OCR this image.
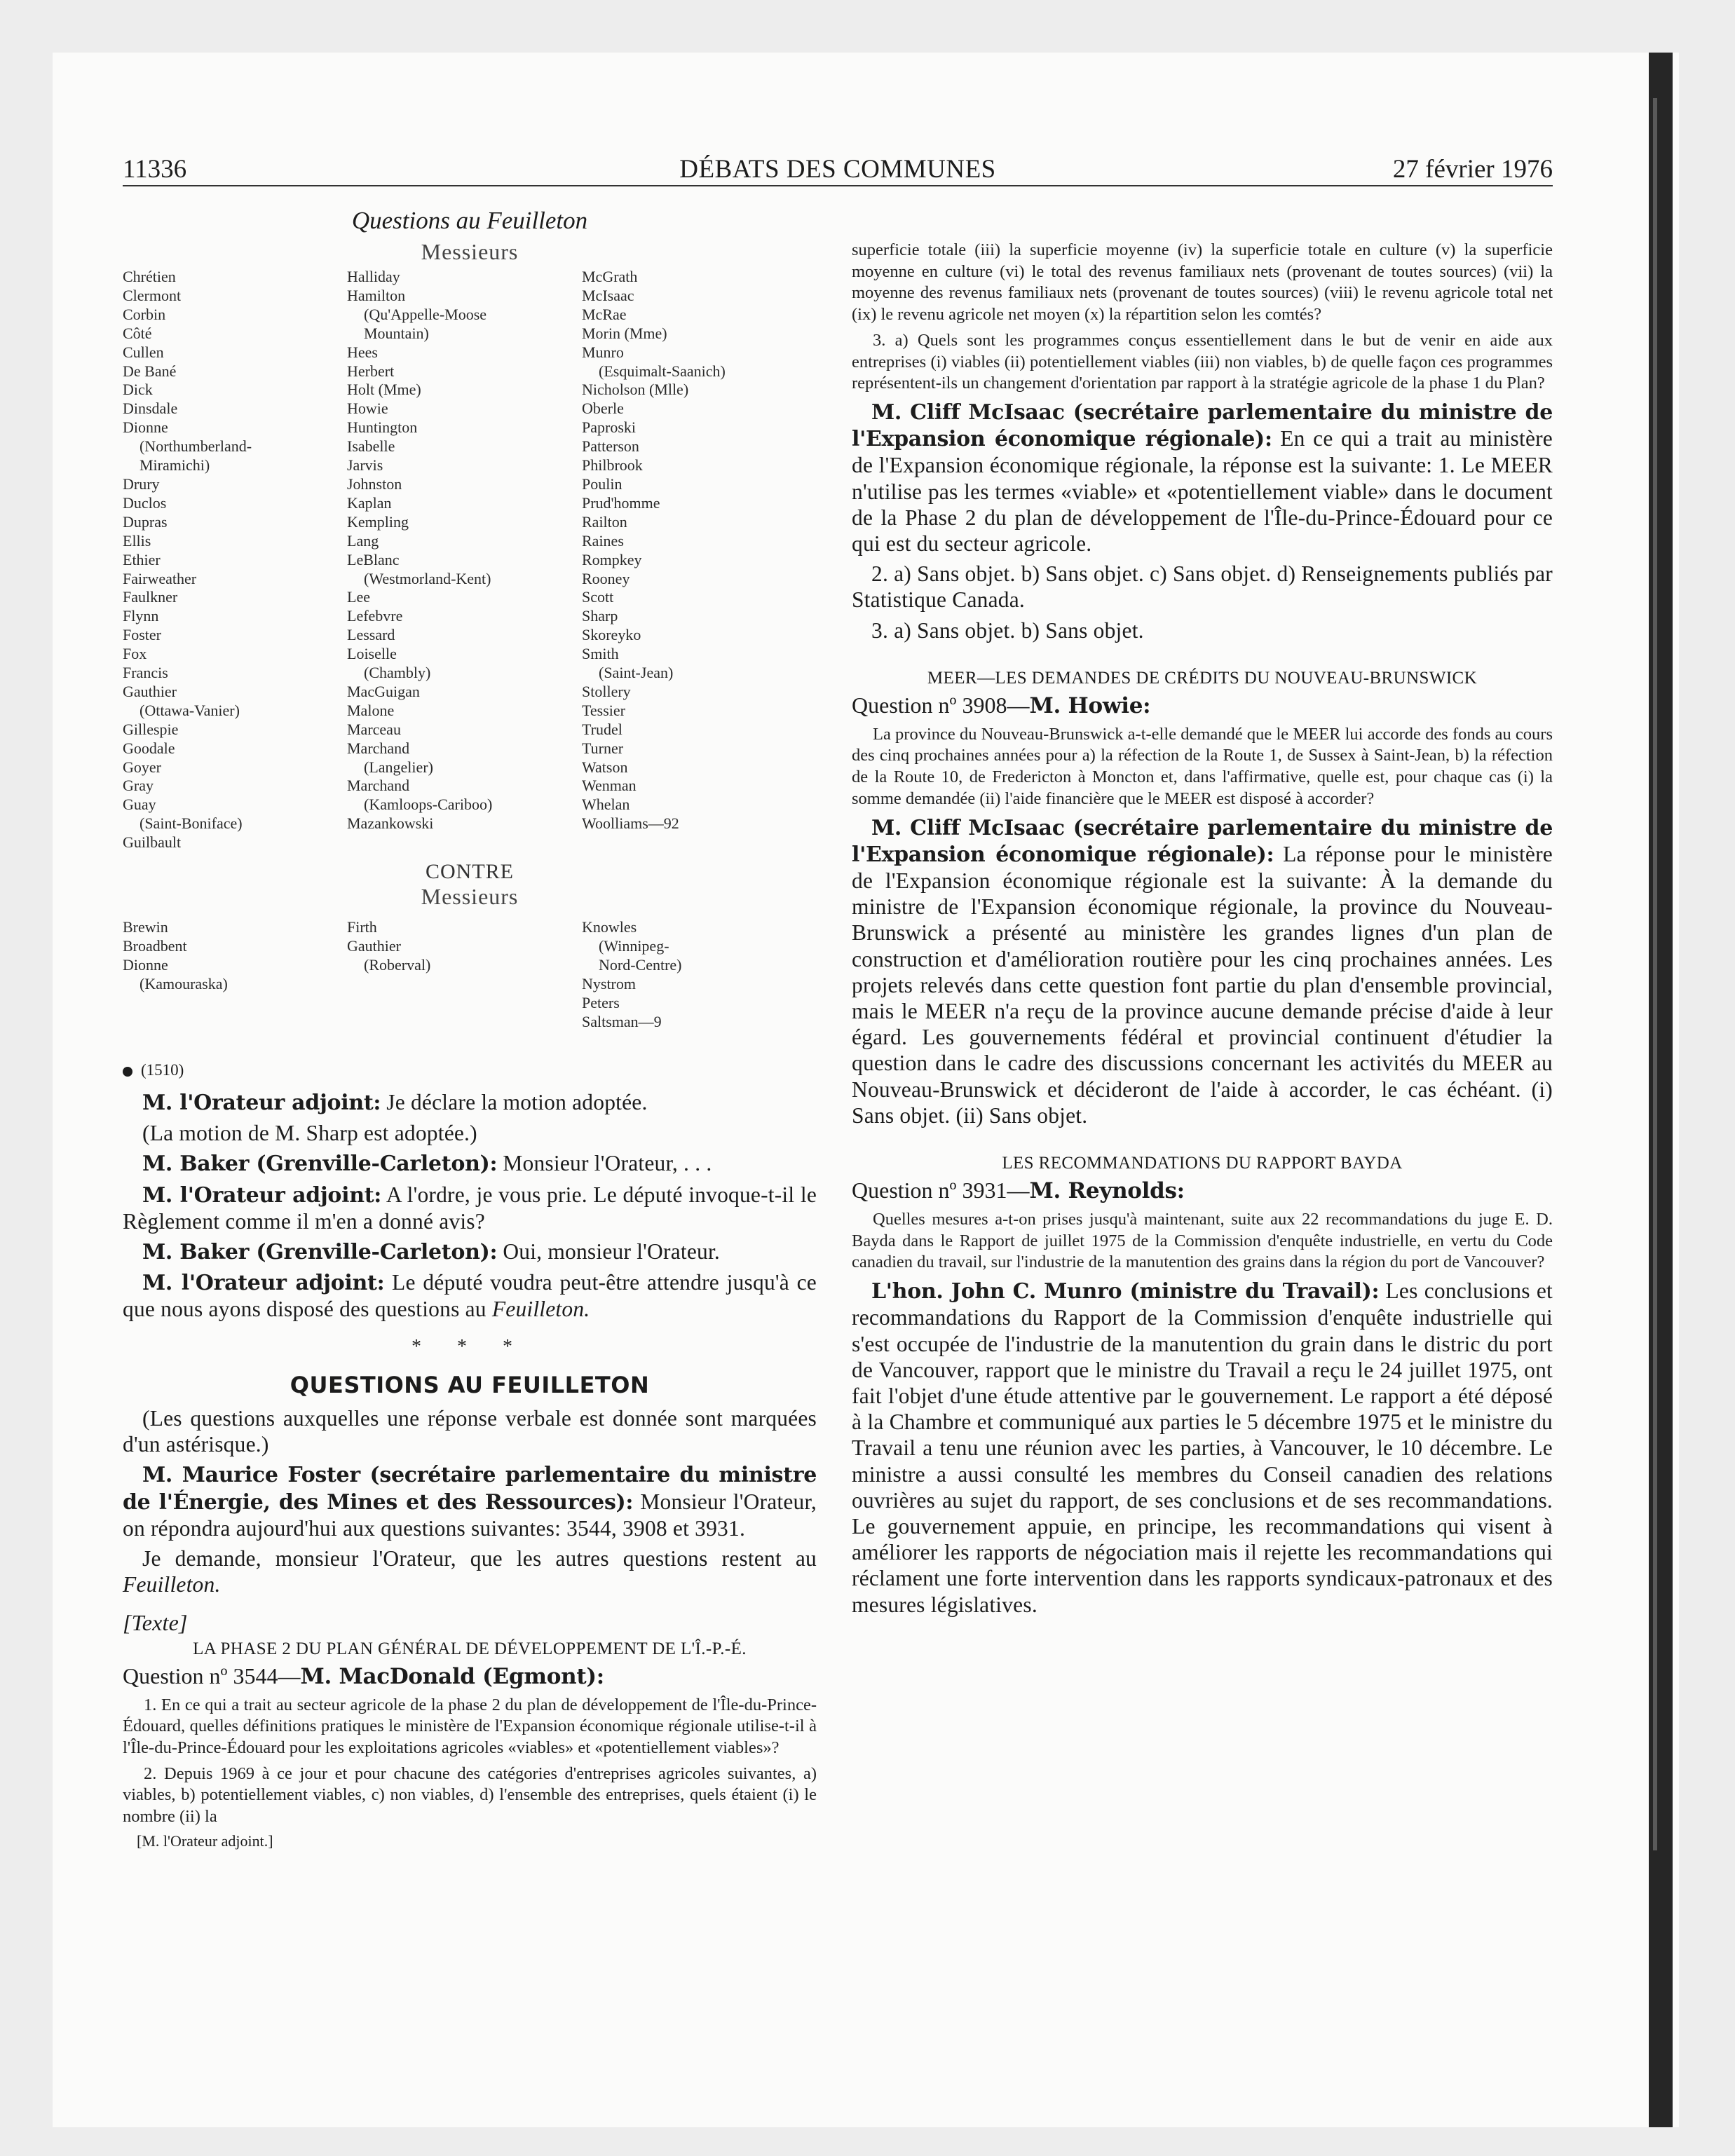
11336	DÉBATS DES COMMUNES	27 février 1976
Questions au Feuilleton
Messieurs
Chrétien
Clermont
Corbin
Côté
Cullen
De Bané
Dick
Dinsdale
Dionne
(Northumberland-
Miramichi)
Drury
Duclos
Dupras
Ellis
Ethier
Fairweather
Faulkner
Flynn
Foster
Fox
Francis
Gauthier
(Ottawa-Vanier)
Gillespie
Goodale
Goyer
Gray
Guay
(Saint-Boniface)
Guilbault
Halliday
Hamilton
(Qu'Appelle-Moose
Mountain)
Hees
Herbert
Holt (Mme)
Howie
Huntington
Isabelle
Jarvis
Johnston
Kaplan
Kempling
Lang
LeBlanc
(Westmorland-Kent)
Lee
Lefebvre
Lessard
Loiselle
(Chambly)
MacGuigan
Malone
Marceau
Marchand
(Langelier)
Marchand
(Kamloops-Cariboo)
Mazankowski
McGrath
McIsaac
McRae
Morin (Mme)
Munro
(Esquimalt-Saanich)
Nicholson (Mlle)
Oberle
Paproski
Patterson
Philbrook
Poulin
Prud'homme
Railton
Raines
Rompkey
Rooney
Scott
Sharp
Skoreyko
Smith
(Saint-Jean)
Stollery
Tessier
Trudel
Turner
Watson
Wenman
Whelan
Woolliams—92
CONTRE
Messieurs
Brewin
Broadbent
Dionne
(Kamouraska)
Firth
Gauthier
(Roberval)
Knowles
(Winnipeg-
Nord-Centre)
Nystrom
Peters
Saltsman—9
(1510)

M. l'Orateur adjoint: Je déclare la motion adoptée.

(La motion de M. Sharp est adoptée.)

M. Baker (Grenville-Carleton): Monsieur l'Orateur, . . .

M. l'Orateur adjoint: A l'ordre, je vous prie. Le député invoque-t-il le Règlement comme il m'en a donné avis?

M. Baker (Grenville-Carleton): Oui, monsieur l'Orateur.

M. l'Orateur adjoint: Le député voudra peut-être attendre jusqu'à ce que nous ayons disposé des questions au Feuilleton.

* * *
QUESTIONS AU FEUILLETON

(Les questions auxquelles une réponse verbale est donnée sont marquées d'un astérisque.)

M. Maurice Foster (secrétaire parlementaire du ministre de l'Énergie, des Mines et des Ressources): Monsieur l'Orateur, on répondra aujourd'hui aux questions suivantes: 3544, 3908 et 3931.

Je demande, monsieur l'Orateur, que les autres questions restent au Feuilleton.

[Texte]
LA PHASE 2 DU PLAN GÉNÉRAL DE DÉVELOPPEMENT DE L'Î.-P.-É.
Question nº 3544—M. MacDonald (Egmont):

1. En ce qui a trait au secteur agricole de la phase 2 du plan de développement de l'Île-du-Prince-Édouard, quelles définitions pratiques le ministère de l'Expansion économique régionale utilise-t-il à l'Île-du-Prince-Édouard pour les exploitations agricoles «viables» et «potentiellement viables»?

2. Depuis 1969 à ce jour et pour chacune des catégories d'entreprises agricoles suivantes, a) viables, b) potentiellement viables, c) non viables, d) l'ensemble des entreprises, quels étaient (i) le nombre (ii) la

[M. l'Orateur adjoint.]

superficie totale (iii) la superficie moyenne (iv) la superficie totale en culture (v) la superficie moyenne en culture (vi) le total des revenus familiaux nets (provenant de toutes sources) (vii) la moyenne des revenus familiaux nets (provenant de toutes sources) (viii) le revenu agricole total net (ix) le revenu agricole net moyen (x) la répartition selon les comtés?

3. a) Quels sont les programmes conçus essentiellement dans le but de venir en aide aux entreprises (i) viables (ii) potentiellement viables (iii) non viables, b) de quelle façon ces programmes représentent-ils un changement d'orientation par rapport à la stratégie agricole de la phase 1 du Plan?

M. Cliff McIsaac (secrétaire parlementaire du ministre de l'Expansion économique régionale): En ce qui a trait au ministère de l'Expansion économique régionale, la réponse est la suivante: 1. Le MEER n'utilise pas les termes «viable» et «potentiellement viable» dans le document de la Phase 2 du plan de développement de l'Île-du-Prince-Édouard pour ce qui est du secteur agricole.

2. a) Sans objet. b) Sans objet. c) Sans objet. d) Renseignements publiés par Statistique Canada.

3. a) Sans objet. b) Sans objet.

MEER—LES DEMANDES DE CRÉDITS DU NOUVEAU-BRUNSWICK
Question nº 3908—M. Howie:

La province du Nouveau-Brunswick a-t-elle demandé que le MEER lui accorde des fonds au cours des cinq prochaines années pour a) la réfection de la Route 1, de Sussex à Saint-Jean, b) la réfection de la Route 10, de Fredericton à Moncton et, dans l'affirmative, quelle est, pour chaque cas (i) la somme demandée (ii) l'aide financière que le MEER est disposé à accorder?

M. Cliff McIsaac (secrétaire parlementaire du ministre de l'Expansion économique régionale): La réponse pour le ministère de l'Expansion économique régionale est la suivante: À la demande du ministre de l'Expansion économique régionale, la province du Nouveau-Brunswick a présenté au ministère les grandes lignes d'un plan de construction et d'amélioration routière pour les cinq prochaines années. Les projets relevés dans cette question font partie du plan d'ensemble provincial, mais le MEER n'a reçu de la province aucune demande précise d'aide à leur égard. Les gouvernements fédéral et provincial continuent d'étudier la question dans le cadre des discussions concernant les activités du MEER au Nouveau-Brunswick et décideront de l'aide à accorder, le cas échéant. (i) Sans objet. (ii) Sans objet.

LES RECOMMANDATIONS DU RAPPORT BAYDA
Question nº 3931—M. Reynolds:

Quelles mesures a-t-on prises jusqu'à maintenant, suite aux 22 recommandations du juge E. D. Bayda dans le Rapport de juillet 1975 de la Commission d'enquête industrielle, en vertu du Code canadien du travail, sur l'industrie de la manutention des grains dans la région du port de Vancouver?

L'hon. John C. Munro (ministre du Travail): Les conclusions et recommandations du Rapport de la Commission d'enquête industrielle qui s'est occupée de l'industrie de la manutention du grain dans le distric du port de Vancouver, rapport que le ministre du Travail a reçu le 24 juillet 1975, ont fait l'objet d'une étude attentive par le gouvernement. Le rapport a été déposé à la Chambre et communiqué aux parties le 5 décembre 1975 et le ministre du Travail a tenu une réunion avec les parties, à Vancouver, le 10 décembre. Le ministre a aussi consulté les membres du Conseil canadien des relations ouvrières au sujet du rapport, de ses conclusions et de ses recommandations. Le gouvernement appuie, en principe, les recommandations qui visent à améliorer les rapports de négociation mais il rejette les recommandations qui réclament une forte intervention dans les rapports syndicaux-patronaux et des mesures législatives.
